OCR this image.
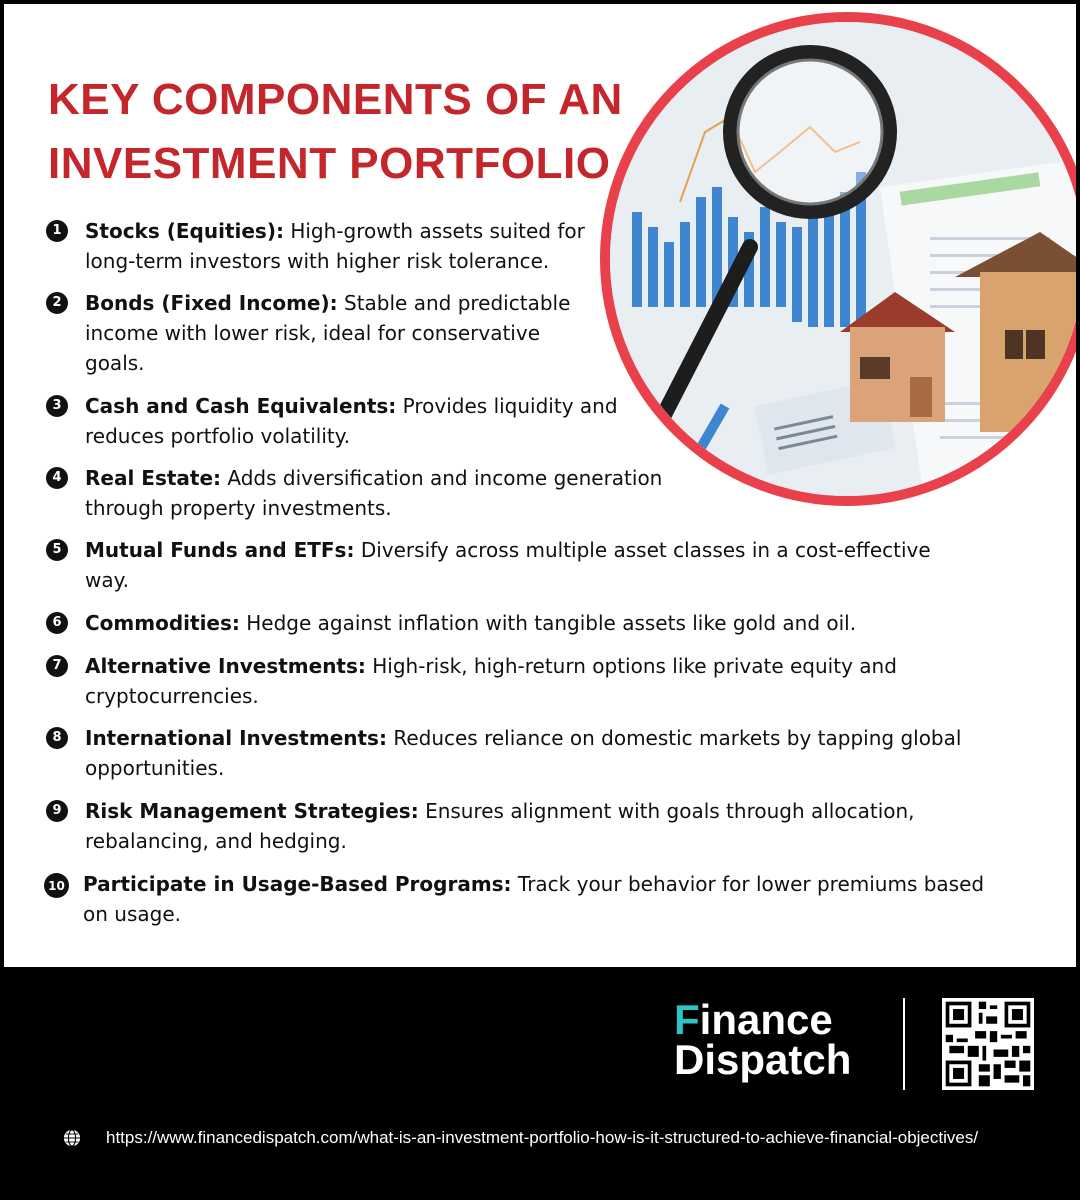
KEY COMPONENTS OF AN
INVESTMENT PORTFOLIO
1	Stocks (Equities): High-growth assets suited for
long-term investors with higher risk tolerance.
2	Bonds (Fixed Income): Stable and predictable
income with lower risk, ideal for conservative
goals.
3	Cash and Cash Equivalents: Provides liquidity and
reduces portfolio volatility.
4	Real Estate: Adds diversification and income generation
through property investments.
5	Mutual Funds and ETFs: Diversify across multiple asset classes in a cost-effective
way.
6	Commodities: Hedge against inflation with tangible assets like gold and oil.
7	Alternative Investments: High-risk, high-return options like private equity and
cryptocurrencies.
8	International Investments: Reduces reliance on domestic markets by tapping global
opportunities.
9	Risk Management Strategies: Ensures alignment with goals through allocation,
rebalancing, and hedging.
10 Participate in Usage-Based Programs: Track your behavior for lower premiums based
on usage.
Finance
Dispatch
https://www.financedispatch.com/what-is-an-investment-portfolio-how-is-it-structured-to-achieve-financial-objectives/
